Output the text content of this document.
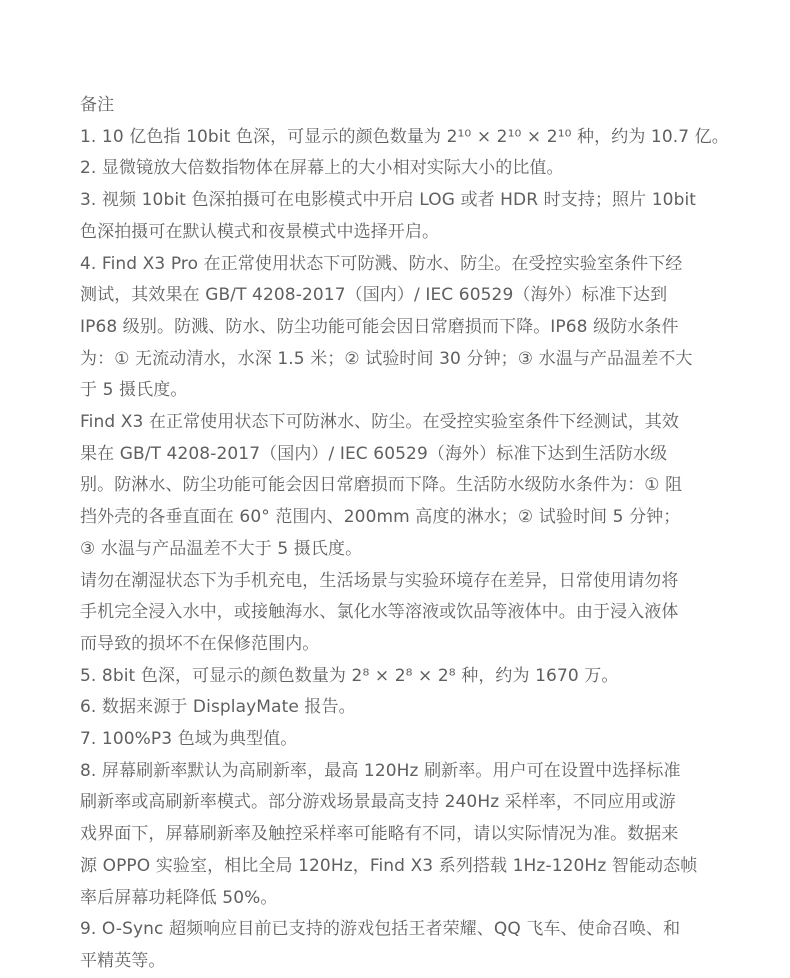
备注
1. 10 亿色指 10bit 色深，可显示的颜色数量为 2¹⁰ × 2¹⁰ × 2¹⁰ 种，约为 10.7 亿。
2. 显微镜放大倍数指物体在屏幕上的大小相对实际大小的比值。
3. 视频 10bit 色深拍摄可在电影模式中开启 LOG 或者 HDR 时支持；照片 10bit
色深拍摄可在默认模式和夜景模式中选择开启。
4. Find X3 Pro 在正常使用状态下可防溅、防水、防尘。在受控实验室条件下经
测试，其效果在 GB/T 4208-2017（国内）/ IEC 60529（海外）标准下达到
IP68 级别。防溅、防水、防尘功能可能会因日常磨损而下降。IP68 级防水条件
为：① 无流动清水，水深 1.5 米；② 试验时间 30 分钟；③ 水温与产品温差不大
于 5 摄氏度。
Find X3 在正常使用状态下可防淋水、防尘。在受控实验室条件下经测试，其效
果在 GB/T 4208-2017（国内）/ IEC 60529（海外）标准下达到生活防水级
别。防淋水、防尘功能可能会因日常磨损而下降。生活防水级防水条件为：① 阻
挡外壳的各垂直面在 60° 范围内、200mm 高度的淋水；② 试验时间 5 分钟；
③ 水温与产品温差不大于 5 摄氏度。
请勿在潮湿状态下为手机充电，生活场景与实验环境存在差异，日常使用请勿将
手机完全浸入水中，或接触海水、氯化水等溶液或饮品等液体中。由于浸入液体
而导致的损坏不在保修范围内。
5. 8bit 色深，可显示的颜色数量为 2⁸ × 2⁸ × 2⁸ 种，约为 1670 万。
6. 数据来源于 DisplayMate 报告。
7. 100%P3 色域为典型值。
8. 屏幕刷新率默认为高刷新率，最高 120Hz 刷新率。用户可在设置中选择标准
刷新率或高刷新率模式。部分游戏场景最高支持 240Hz 采样率，不同应用或游
戏界面下，屏幕刷新率及触控采样率可能略有不同，请以实际情况为准。数据来
源 OPPO 实验室，相比全局 120Hz，Find X3 系列搭载 1Hz-120Hz 智能动态帧
率后屏幕功耗降低 50%。
9. O-Sync 超频响应目前已支持的游戏包括王者荣耀、QQ 飞车、使命召唤、和
平精英等。
